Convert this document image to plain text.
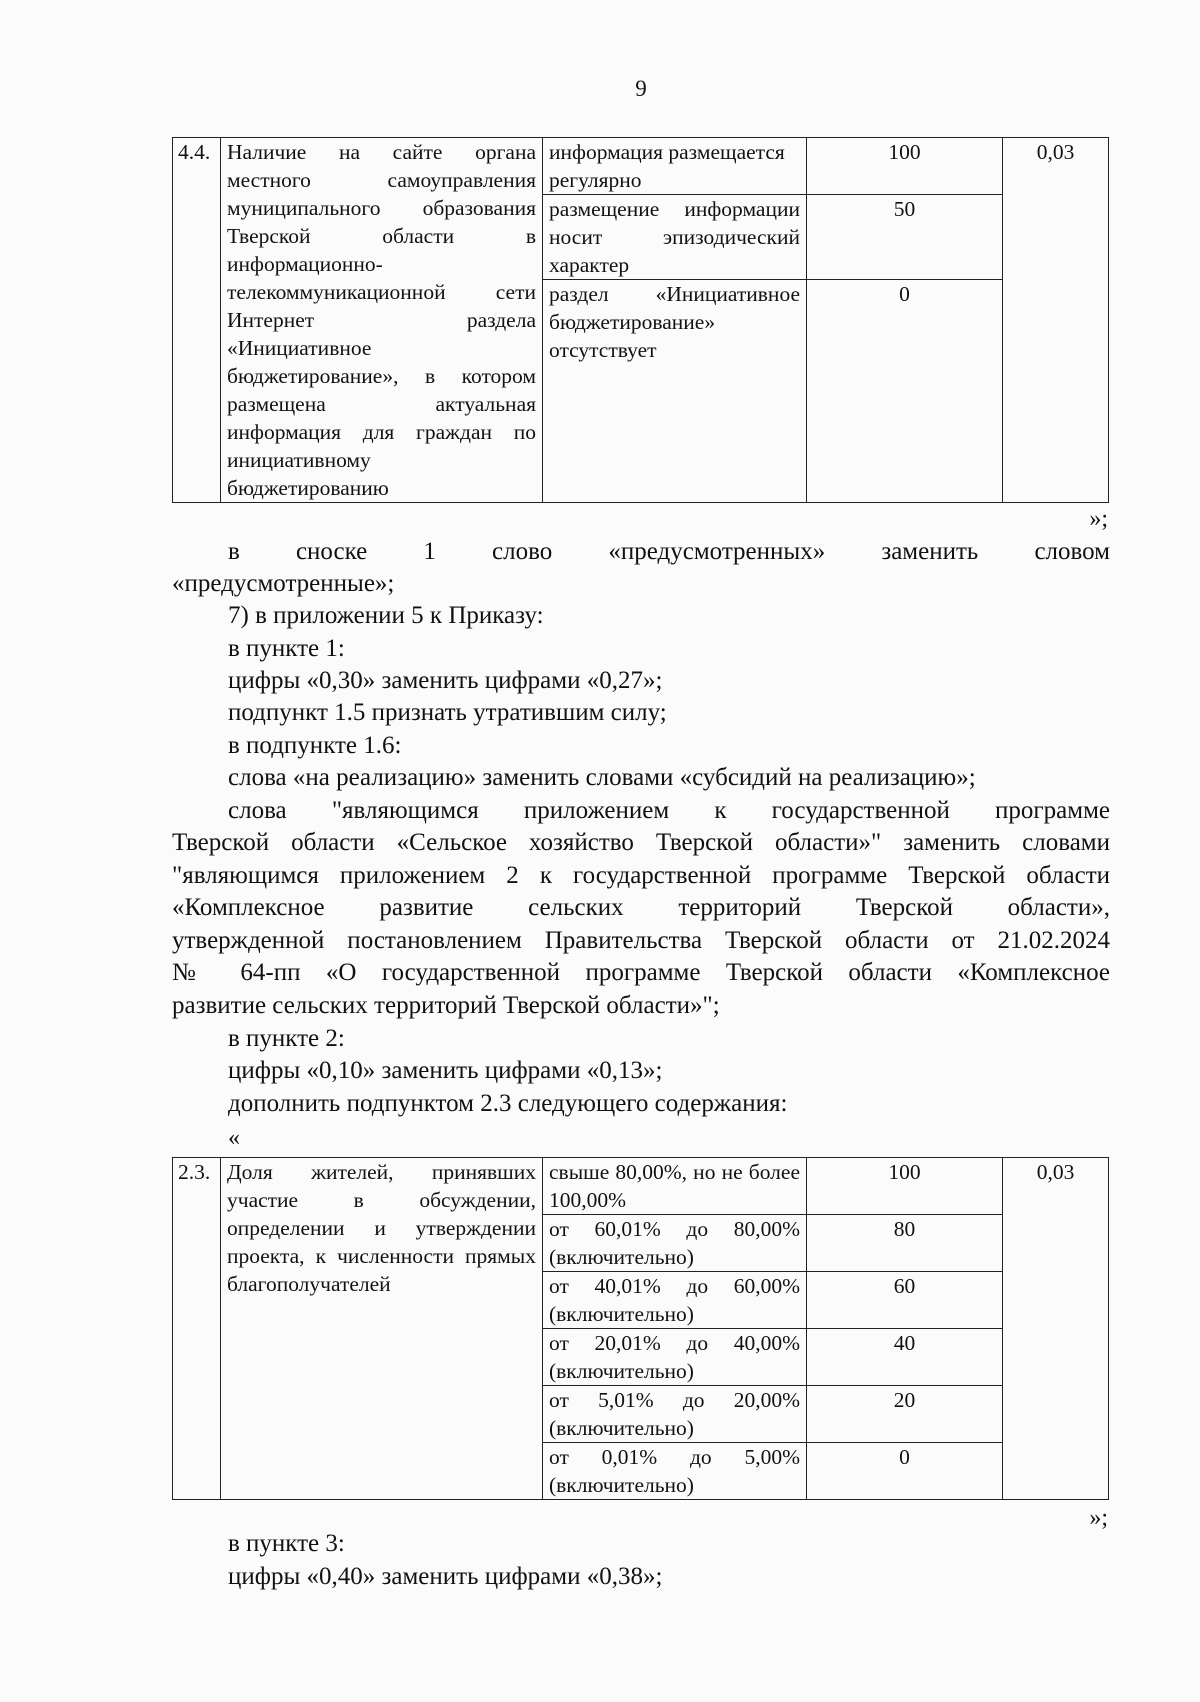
9
4.4.	Наличие на сайте органа местного самоуправления муниципального образования Тверской области в информационно-телекоммуникационной сети Интернет раздела «Инициативное бюджетирование», в котором размещена актуальная информация для граждан по инициативному бюджетированию	информация размещается регулярно	100	0,03
		размещение информации носит эпизодический характер	50	
		раздел «Инициативное бюджетирование» отсутствует	0	
»;
в сноске 1 слово «предусмотренных» заменить словом
«предусмотренные»;
7) в приложении 5 к Приказу:
в пункте 1:
цифры «0,30» заменить цифрами «0,27»;
подпункт 1.5 признать утратившим силу;
в подпункте 1.6:
слова «на реализацию» заменить словами «субсидий на реализацию»;
слова "являющимся приложением к государственной программе
Тверской области «Сельское хозяйство Тверской области»" заменить словами
"являющимся приложением 2 к государственной программе Тверской области
«Комплексное развитие сельских территорий Тверской области»,
утвержденной постановлением Правительства Тверской области от 21.02.2024
№ 64-пп «О государственной программе Тверской области «Комплексное
развитие сельских территорий Тверской области»";
в пункте 2:
цифры «0,10» заменить цифрами «0,13»;
дополнить подпунктом 2.3 следующего содержания:
«
2.3.	Доля жителей, принявших участие в обсуждении, определении и утверждении проекта, к численности прямых благополучателей	свыше 80,00%, но не более 100,00%	100	0,03
		от 60,01% до 80,00% (включительно)	80	
		от 40,01% до 60,00% (включительно)	60	
		от 20,01% до 40,00% (включительно)	40	
		от 5,01% до 20,00% (включительно)	20	
		от 0,01% до 5,00% (включительно)	0	
»;
в пункте 3:
цифры «0,40» заменить цифрами «0,38»;
